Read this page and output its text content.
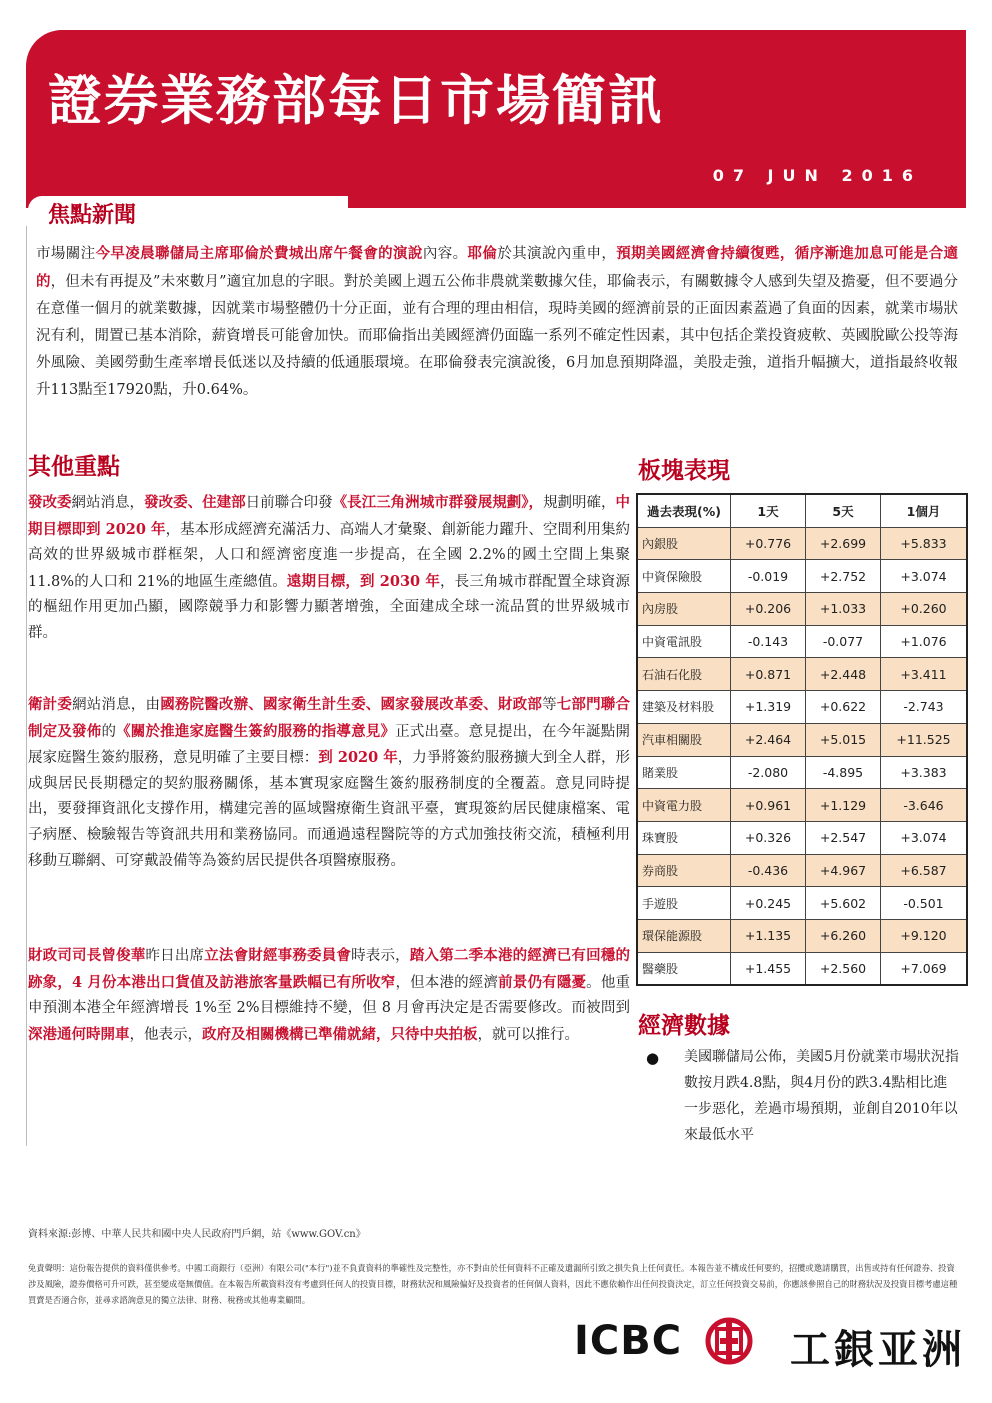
證券業務部每日市場簡訊
07 JUN 2016
焦點新聞
市場關注今早凌晨聯儲局主席耶倫於費城出席午餐會的演說內容。耶倫於其演說內重申，預期美國經濟會持續復甦，循序漸進加息可能是合適的，但未有再提及”未來數月”適宜加息的字眼。對於美國上週五公佈非農就業數據欠佳，耶倫表示，有關數據令人感到失望及擔憂，但不要過分在意僅一個月的就業數據，因就業市場整體仍十分正面，並有合理的理由相信，現時美國的經濟前景的正面因素蓋過了負面的因素，就業市場狀況有利，閒置已基本消除，薪資增長可能會加快。而耶倫指出美國經濟仍面臨一系列不確定性因素，其中包括企業投資疲軟、英國脫歐公投等海外風險、美國勞動生產率增長低迷以及持續的低通脹環境。在耶倫發表完演說後，6月加息預期降溫，美股走強，道指升幅擴大，道指最終收報升113點至17920點，升0.64%。
其他重點
發改委網站消息，發改委、住建部日前聯合印發《長江三角洲城市群發展規劃》，規劃明確，中期目標即到 2020 年，基本形成經濟充滿活力、高端人才彙聚、創新能力躍升、空間利用集約高效的世界級城市群框架，人口和經濟密度進一步提高，在全國 2.2%的國土空間上集聚 11.8%的人口和 21%的地區生產總值。遠期目標，到 2030 年，長三角城市群配置全球資源的樞紐作用更加凸顯，國際競爭力和影響力顯著增強，全面建成全球一流品質的世界級城市群。
衛計委網站消息，由國務院醫改辦、國家衛生計生委、國家發展改革委、財政部等七部門聯合制定及發佈的《關於推進家庭醫生簽約服務的指導意見》正式出臺。意見提出，在今年誕點開展家庭醫生簽約服務，意見明確了主要目標：到 2020 年，力爭將簽約服務擴大到全人群，形成與居民長期穩定的契約服務關係，基本實現家庭醫生簽約服務制度的全覆蓋。意見同時提出，要發揮資訊化支撐作用，構建完善的區域醫療衛生資訊平臺，實現簽約居民健康檔案、電子病歷、檢驗報告等資訊共用和業務協同。而通過遠程醫院等的方式加強技術交流，積極利用移動互聯網、可穿戴設備等為簽約居民提供各項醫療服務。
財政司司長曾俊華昨日出席立法會財經事務委員會時表示，踏入第二季本港的經濟已有回穩的跡象，4 月份本港出口貨值及訪港旅客量跌幅已有所收窄，但本港的經濟前景仍有隱憂。他重申預測本港全年經濟增長 1%至 2%目標維持不變，但 8 月會再決定是否需要修改。而被問到深港通何時開車，他表示，政府及相關機構已準備就緒，只待中央拍板，就可以推行。
板塊表現
過去表現(%)	1天	5天	1個月
內銀股	+0.776	+2.699	+5.833
中資保險股	-0.019	+2.752	+3.074
內房股	+0.206	+1.033	+0.260
中資電訊股	-0.143	-0.077	+1.076
石油石化股	+0.871	+2.448	+3.411
建築及材料股	+1.319	+0.622	-2.743
汽車相關股	+2.464	+5.015	+11.525
賭業股	-2.080	-4.895	+3.383
中資電力股	+0.961	+1.129	-3.646
珠寶股	+0.326	+2.547	+3.074
券商股	-0.436	+4.967	+6.587
手遊股	+0.245	+5.602	-0.501
環保能源股	+1.135	+6.260	+9.120
醫藥股	+1.455	+2.560	+7.069
經濟數據
● 美國聯儲局公佈，美國5月份就業市場狀況指數按月跌4.8點，與4月份的跌3.4點相比進一步惡化，差過市場預期，並創自2010年以來最低水平
資料來源:彭博、中華人民共和國中央人民政府門戶網，站《www.GOV.cn》
免責聲明：這份報告提供的資料僅供參考。中國工商銀行（亞洲）有限公司("本行")並不負責資料的準確性及完整性，亦不對由於任何資料不正確及遺漏所引致之損失負上任何責任。本報告並不構成任何要約，招攬或邀請購買，出售或持有任何證券、投資涉及風險，證券價格可升可跌，甚至變成毫無價值。在本報告所載資料沒有考慮到任何人的投資目標，財務狀況和風險偏好及投資者的任何個人資料，因此不應依賴作出任何投資決定，訂立任何投資交易前，你應該參照自己的財務狀況及投資目標考慮這種買賣是否適合你，並尋求諮詢意見的獨立法律、財務、稅務或其他專業顧問。
ICBC	工銀亚洲
